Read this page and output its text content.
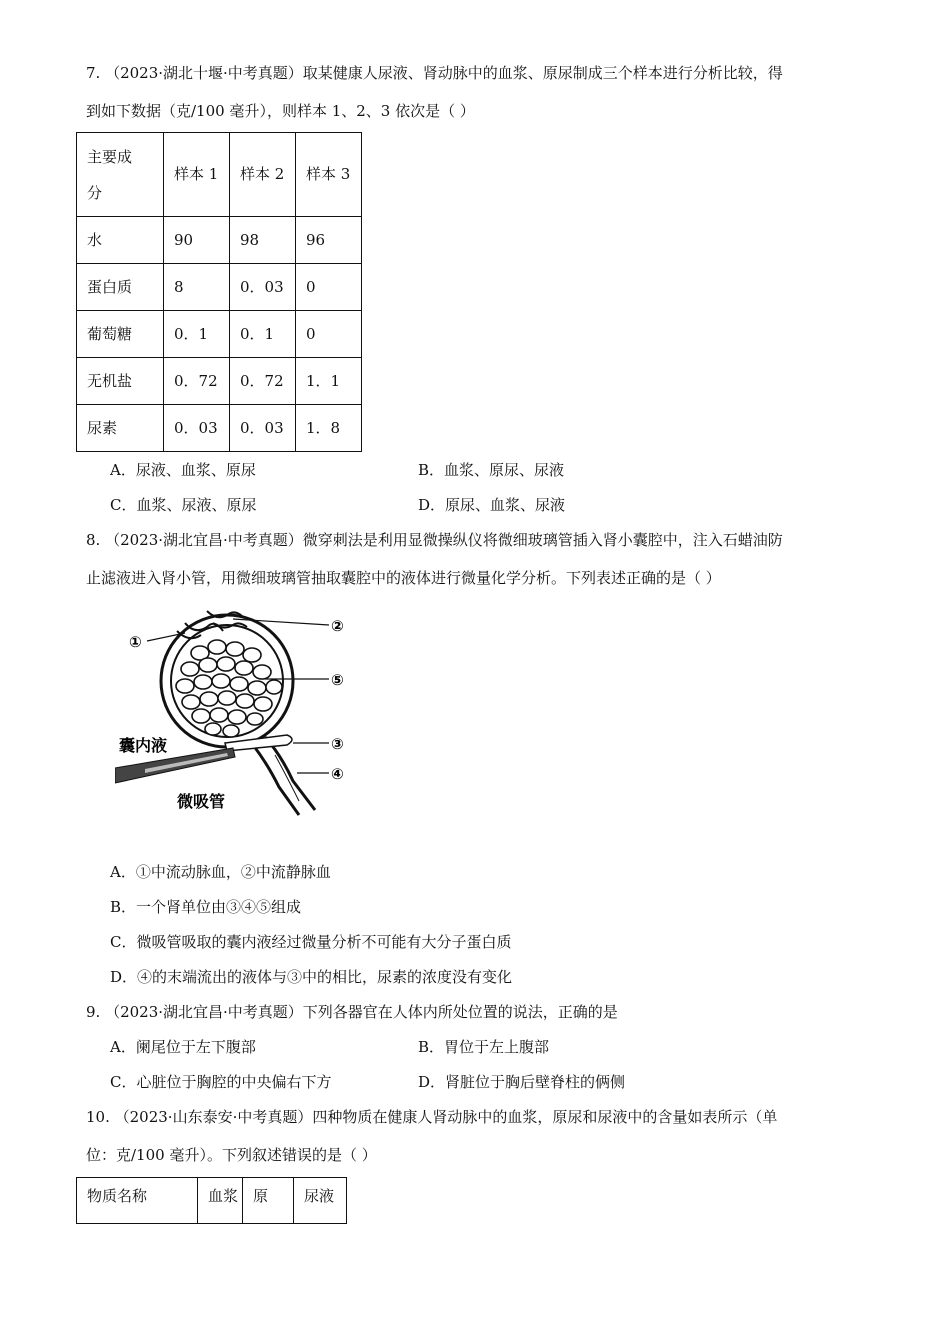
7. （2023·湖北十堰·中考真题）取某健康人尿液、肾动脉中的血浆、原尿制成三个样本进行分析比较，得
到如下数据（克/100 毫升），则样本 1、2、3 依次是（ ）
主要成
分	样本 1	样本 2	样本 3
水	90	98	96
蛋白质	8	0．03	0
葡萄糖	0．1	0．1	0
无机盐	0．72	0．72	1．1
尿素	0．03	0．03	1．8
A．尿液、血浆、原尿	B．血浆、原尿、尿液
C．血浆、尿液、原尿	D．原尿、血浆、尿液
8. （2023·湖北宜昌·中考真题）微穿刺法是利用显微操纵仪将微细玻璃管插入肾小囊腔中，注入石蜡油防
止滤液进入肾小管，用微细玻璃管抽取囊腔中的液体进行微量化学分析。下列表述正确的是（ ）
①
②
⑤
③
④
囊内液
微吸管
A．①中流动脉血，②中流静脉血
B．一个肾单位由③④⑤组成
C．微吸管吸取的囊内液经过微量分析不可能有大分子蛋白质
D．④的末端流出的液体与③中的相比，尿素的浓度没有变化
9. （2023·湖北宜昌·中考真题）下列各器官在人体内所处位置的说法，正确的是
A．阑尾位于左下腹部	B．胃位于左上腹部
C．心脏位于胸腔的中央偏右下方	D．肾脏位于胸后壁脊柱的俩侧
10. （2023·山东泰安·中考真题）四种物质在健康人肾动脉中的血浆，原尿和尿液中的含量如表所示（单
位：克/100 毫升）。下列叙述错误的是（ ）
物质名称	血浆	原	尿液
